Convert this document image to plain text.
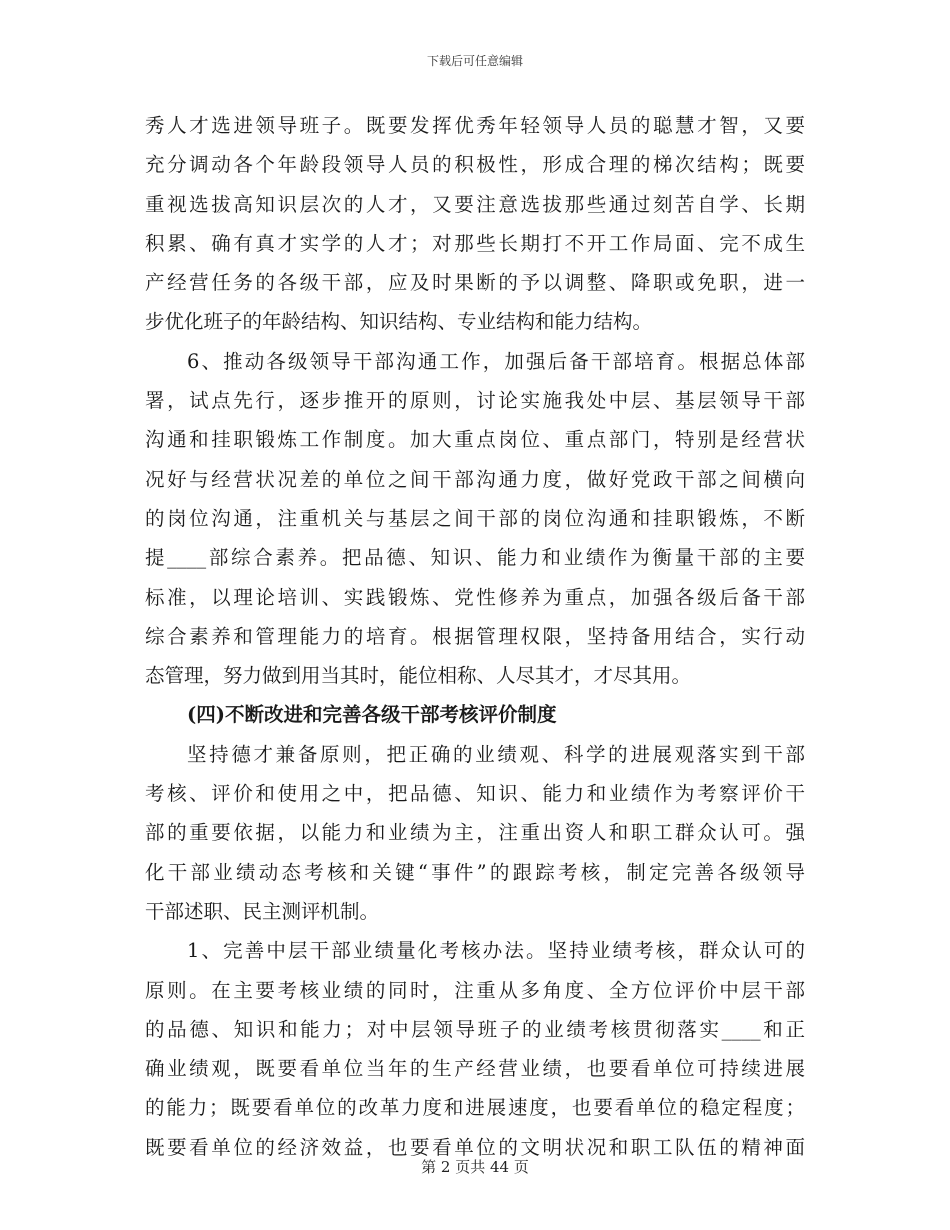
下载后可任意编辑
秀人才选进领导班子。既要发挥优秀年轻领导人员的聪慧才智，又要
充分调动各个年龄段领导人员的积极性，形成合理的梯次结构；既要
重视选拔高知识层次的人才，又要注意选拔那些通过刻苦自学、长期
积累、确有真才实学的人才；对那些长期打不开工作局面、完不成生
产经营任务的各级干部，应及时果断的予以调整、降职或免职，进一
步优化班子的年龄结构、知识结构、专业结构和能力结构。
6、推动各级领导干部沟通工作，加强后备干部培育。根据总体部
署，试点先行，逐步推开的原则，讨论实施我处中层、基层领导干部
沟通和挂职锻炼工作制度。加大重点岗位、重点部门，特别是经营状
况好与经营状况差的单位之间干部沟通力度，做好党政干部之间横向
的岗位沟通，注重机关与基层之间干部的岗位沟通和挂职锻炼，不断
提____部综合素养。把品德、知识、能力和业绩作为衡量干部的主要
标准，以理论培训、实践锻炼、党性修养为重点，加强各级后备干部
综合素养和管理能力的培育。根据管理权限，坚持备用结合，实行动
态管理，努力做到用当其时，能位相称、人尽其才，才尽其用。
(四)不断改进和完善各级干部考核评价制度
坚持德才兼备原则，把正确的业绩观、科学的进展观落实到干部
考核、评价和使用之中，把品德、知识、能力和业绩作为考察评价干
部的重要依据，以能力和业绩为主，注重出资人和职工群众认可。强
化干部业绩动态考核和关键“事件”的跟踪考核，制定完善各级领导
干部述职、民主测评机制。
1、完善中层干部业绩量化考核办法。坚持业绩考核，群众认可的
原则。在主要考核业绩的同时，注重从多角度、全方位评价中层干部
的品德、知识和能力；对中层领导班子的业绩考核贯彻落实____和正
确业绩观，既要看单位当年的生产经营业绩，也要看单位可持续进展
的能力；既要看单位的改革力度和进展速度，也要看单位的稳定程度；
既要看单位的经济效益，也要看单位的文明状况和职工队伍的精神面
第 2 页共 44 页
